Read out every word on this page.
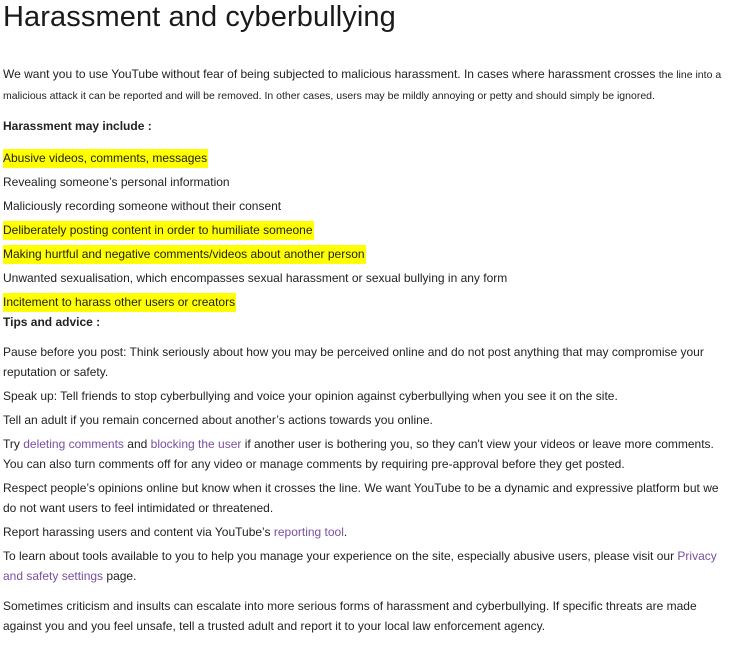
Harassment and cyberbullying

We want you to use YouTube without fear of being subjected to malicious harassment. In cases where harassment crosses the line into a malicious attack it can be reported and will be removed. In other cases, users may be mildly annoying or petty and should simply be ignored.

Harassment may include :

Abusive videos, comments, messages
Revealing someone’s personal information
Maliciously recording someone without their consent
Deliberately posting content in order to humiliate someone
Making hurtful and negative comments/videos about another person
Unwanted sexualisation, which encompasses sexual harassment or sexual bullying in any form
Incitement to harass other users or creators

Tips and advice :

Pause before you post: Think seriously about how you may be perceived online and do not post anything that may compromise your reputation or safety.

Speak up: Tell friends to stop cyberbullying and voice your opinion against cyberbullying when you see it on the site.

Tell an adult if you remain concerned about another’s actions towards you online.

Try deleting comments and blocking the user if another user is bothering you, so they can't view your videos or leave more comments. You can also turn comments off for any video or manage comments by requiring pre-approval before they get posted.

Respect people’s opinions online but know when it crosses the line. We want YouTube to be a dynamic and expressive platform but we do not want users to feel intimidated or threatened.

Report harassing users and content via YouTube’s reporting tool.

To learn about tools available to you to help you manage your experience on the site, especially abusive users, please visit our Privacy and safety settings page.

Sometimes criticism and insults can escalate into more serious forms of harassment and cyberbullying. If specific threats are made against you and you feel unsafe, tell a trusted adult and report it to your local law enforcement agency.
